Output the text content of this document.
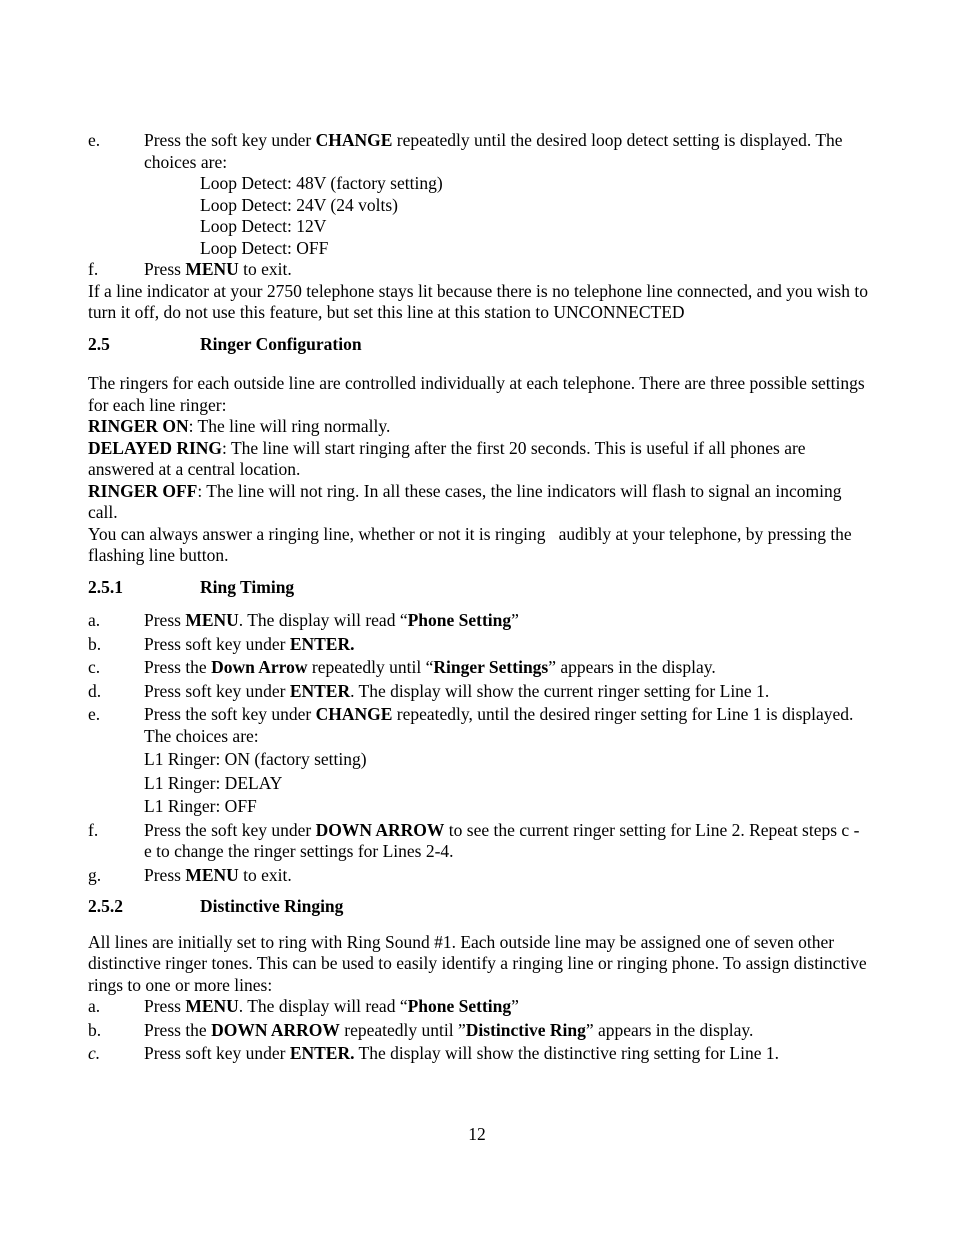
e.	Press the soft key under CHANGE repeatedly until the desired loop detect setting is displayed. The choices are:

Loop Detect: 48V (factory setting)

Loop Detect: 24V (24 volts)

Loop Detect: 12V

Loop Detect: OFF

f.	Press MENU to exit.

If a line indicator at your 2750 telephone stays lit because there is no telephone line connected, and you wish to turn it off, do not use this feature, but set this line at this station to UNCONNECTED

2.5	Ringer Configuration

The ringers for each outside line are controlled individually at each telephone. There are three possible settings for each line ringer:

RINGER ON: The line will ring normally.

DELAYED RING: The line will start ringing after the first 20 seconds. This is useful if all phones are answered at a central location.

RINGER OFF: The line will not ring. In all these cases, the line indicators will flash to signal an incoming call.

You can always answer a ringing line, whether or not it is ringing   audibly at your telephone, by pressing the flashing line button.

2.5.1	Ring Timing
a.	Press MENU. The display will read “Phone Setting”
b.	Press soft key under ENTER.
c.	Press the Down Arrow repeatedly until “Ringer Settings” appears in the display.
d.	Press soft key under ENTER. The display will show the current ringer setting for Line 1.
e.	Press the soft key under CHANGE repeatedly, until the desired ringer setting for Line 1 is displayed. The choices are:

L1 Ringer: ON (factory setting)

L1 Ringer: DELAY

L1 Ringer: OFF

f.	Press the soft key under DOWN ARROW to see the current ringer setting for Line 2. Repeat steps c - e to change the ringer settings for Lines 2-4.
g.	Press MENU to exit.
2.5.2	Distinctive Ringing

All lines are initially set to ring with Ring Sound #1. Each outside line may be assigned one of seven other distinctive ringer tones. This can be used to easily identify a ringing line or ringing phone. To assign distinctive rings to one or more lines:

a.	Press MENU. The display will read “Phone Setting”
b.	Press the DOWN ARROW repeatedly until ”Distinctive Ring” appears in the display.
c.	Press soft key under ENTER. The display will show the distinctive ring setting for Line 1.
12
